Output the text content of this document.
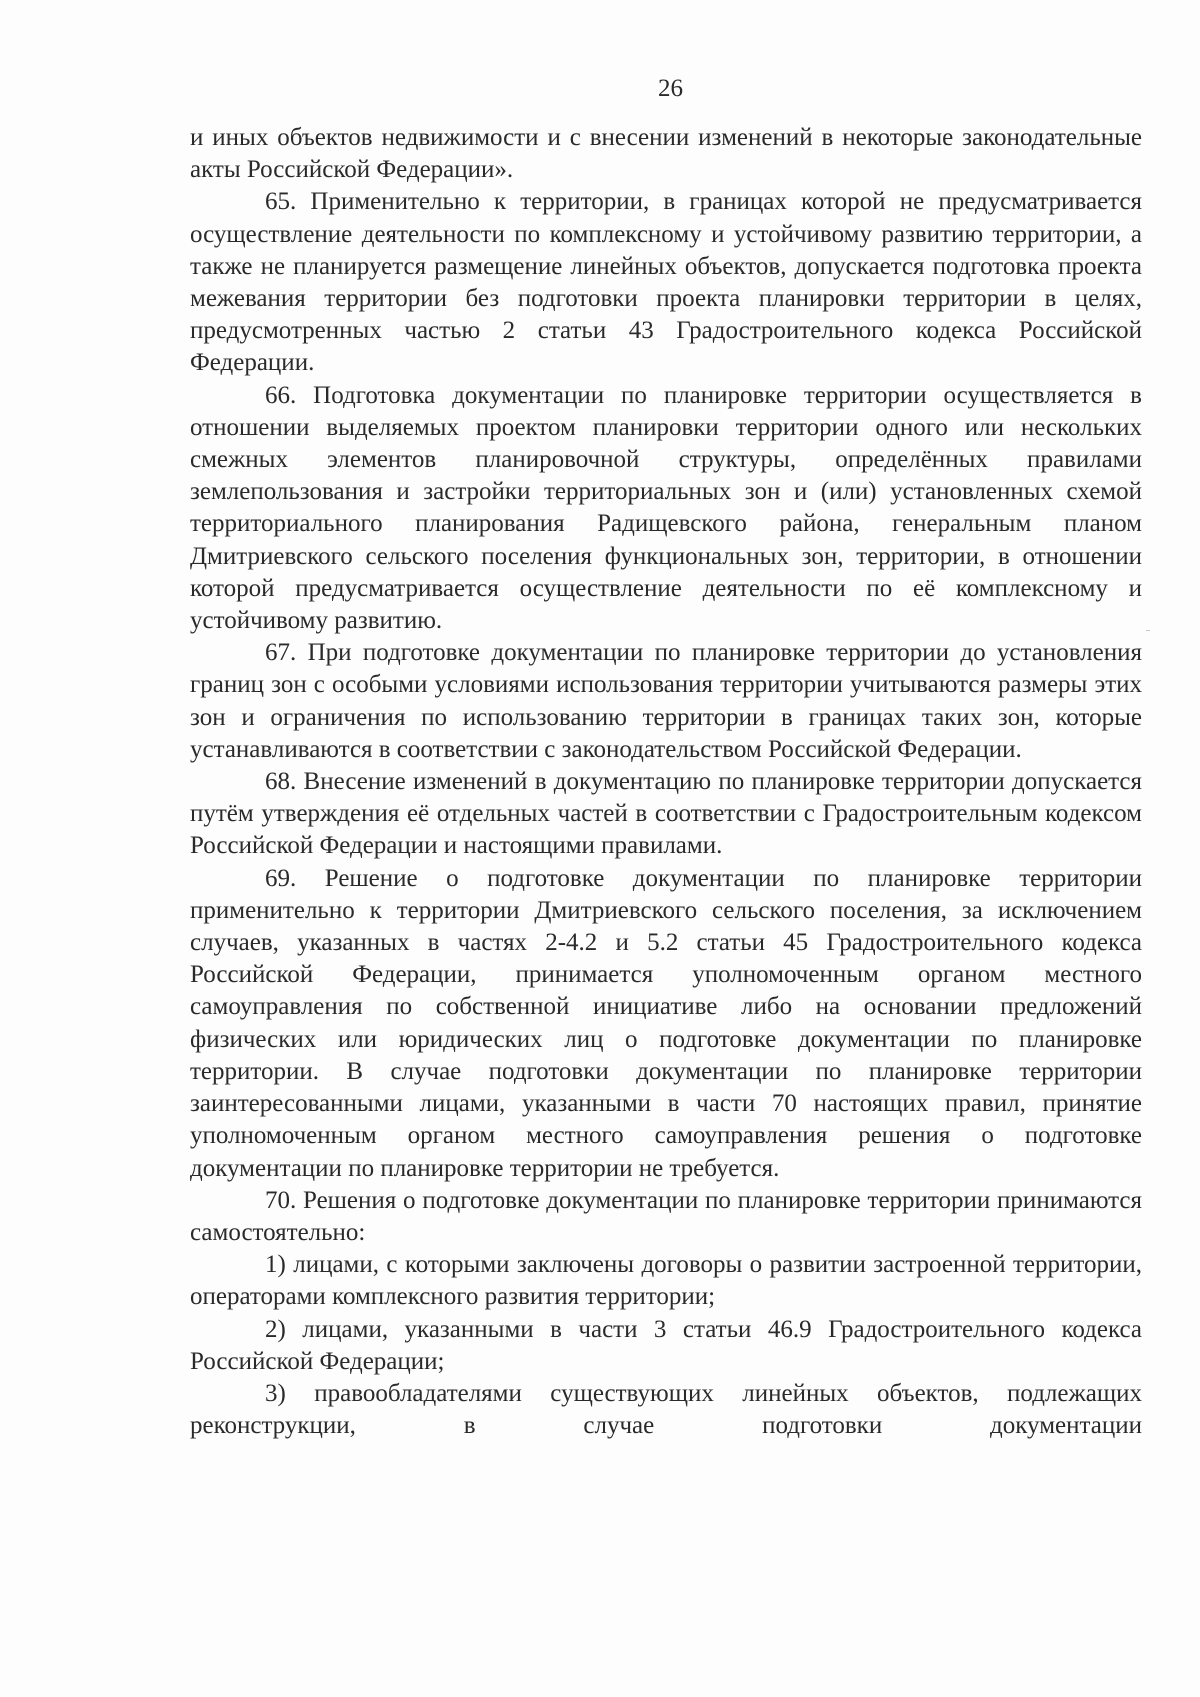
26

и иных объектов недвижимости и с внесении изменений в некоторые законодательные акты Российской Федерации».

65. Применительно к территории, в границах которой не предусматривается осуществление деятельности по комплексному и устойчивому развитию территории, а также не планируется размещение линейных объектов, допускается подготовка проекта межевания территории без подготовки проекта планировки территории в целях, предусмотренных частью 2 статьи 43 Градостроительного кодекса Российской Федерации.

66. Подготовка документации по планировке территории осуществляется в отношении выделяемых проектом планировки территории одного или нескольких смежных элементов планировочной структуры, определённых правилами землепользования и застройки территориальных зон и (или) установленных схемой территориального планирования Радищевского района, генеральным планом Дмитриевского сельского поселения функциональных зон, территории, в отношении которой предусматривается осуществление деятельности по её комплексному и устойчивому развитию.

67. При подготовке документации по планировке территории до установления границ зон с особыми условиями использования территории учитываются размеры этих зон и ограничения по использованию территории в границах таких зон, которые устанавливаются в соответствии с законодательством Российской Федерации.

68. Внесение изменений в документацию по планировке территории допускается путём утверждения её отдельных частей в соответствии с Градостроительным кодексом Российской Федерации и настоящими правилами.

69. Решение о подготовке документации по планировке территории применительно к территории Дмитриевского сельского поселения, за исключением случаев, указанных в частях 2-4.2 и 5.2 статьи 45 Градостроительного кодекса Российской Федерации, принимается уполномоченным органом местного самоуправления по собственной инициативе либо на основании предложений физических или юридических лиц о подготовке документации по планировке территории. В случае подготовки документации по планировке территории заинтересованными лицами, указанными в части 70 настоящих правил, принятие уполномоченным органом местного самоуправления решения о подготовке документации по планировке территории не требуется.

70. Решения о подготовке документации по планировке территории принимаются самостоятельно:

1) лицами, с которыми заключены договоры о развитии застроенной территории, операторами комплексного развития территории;

2) лицами, указанными в части 3 статьи 46.9 Градостроительного кодекса Российской Федерации;

3) правообладателями существующих линейных объектов, подлежащих реконструкции, в случае подготовки документации
